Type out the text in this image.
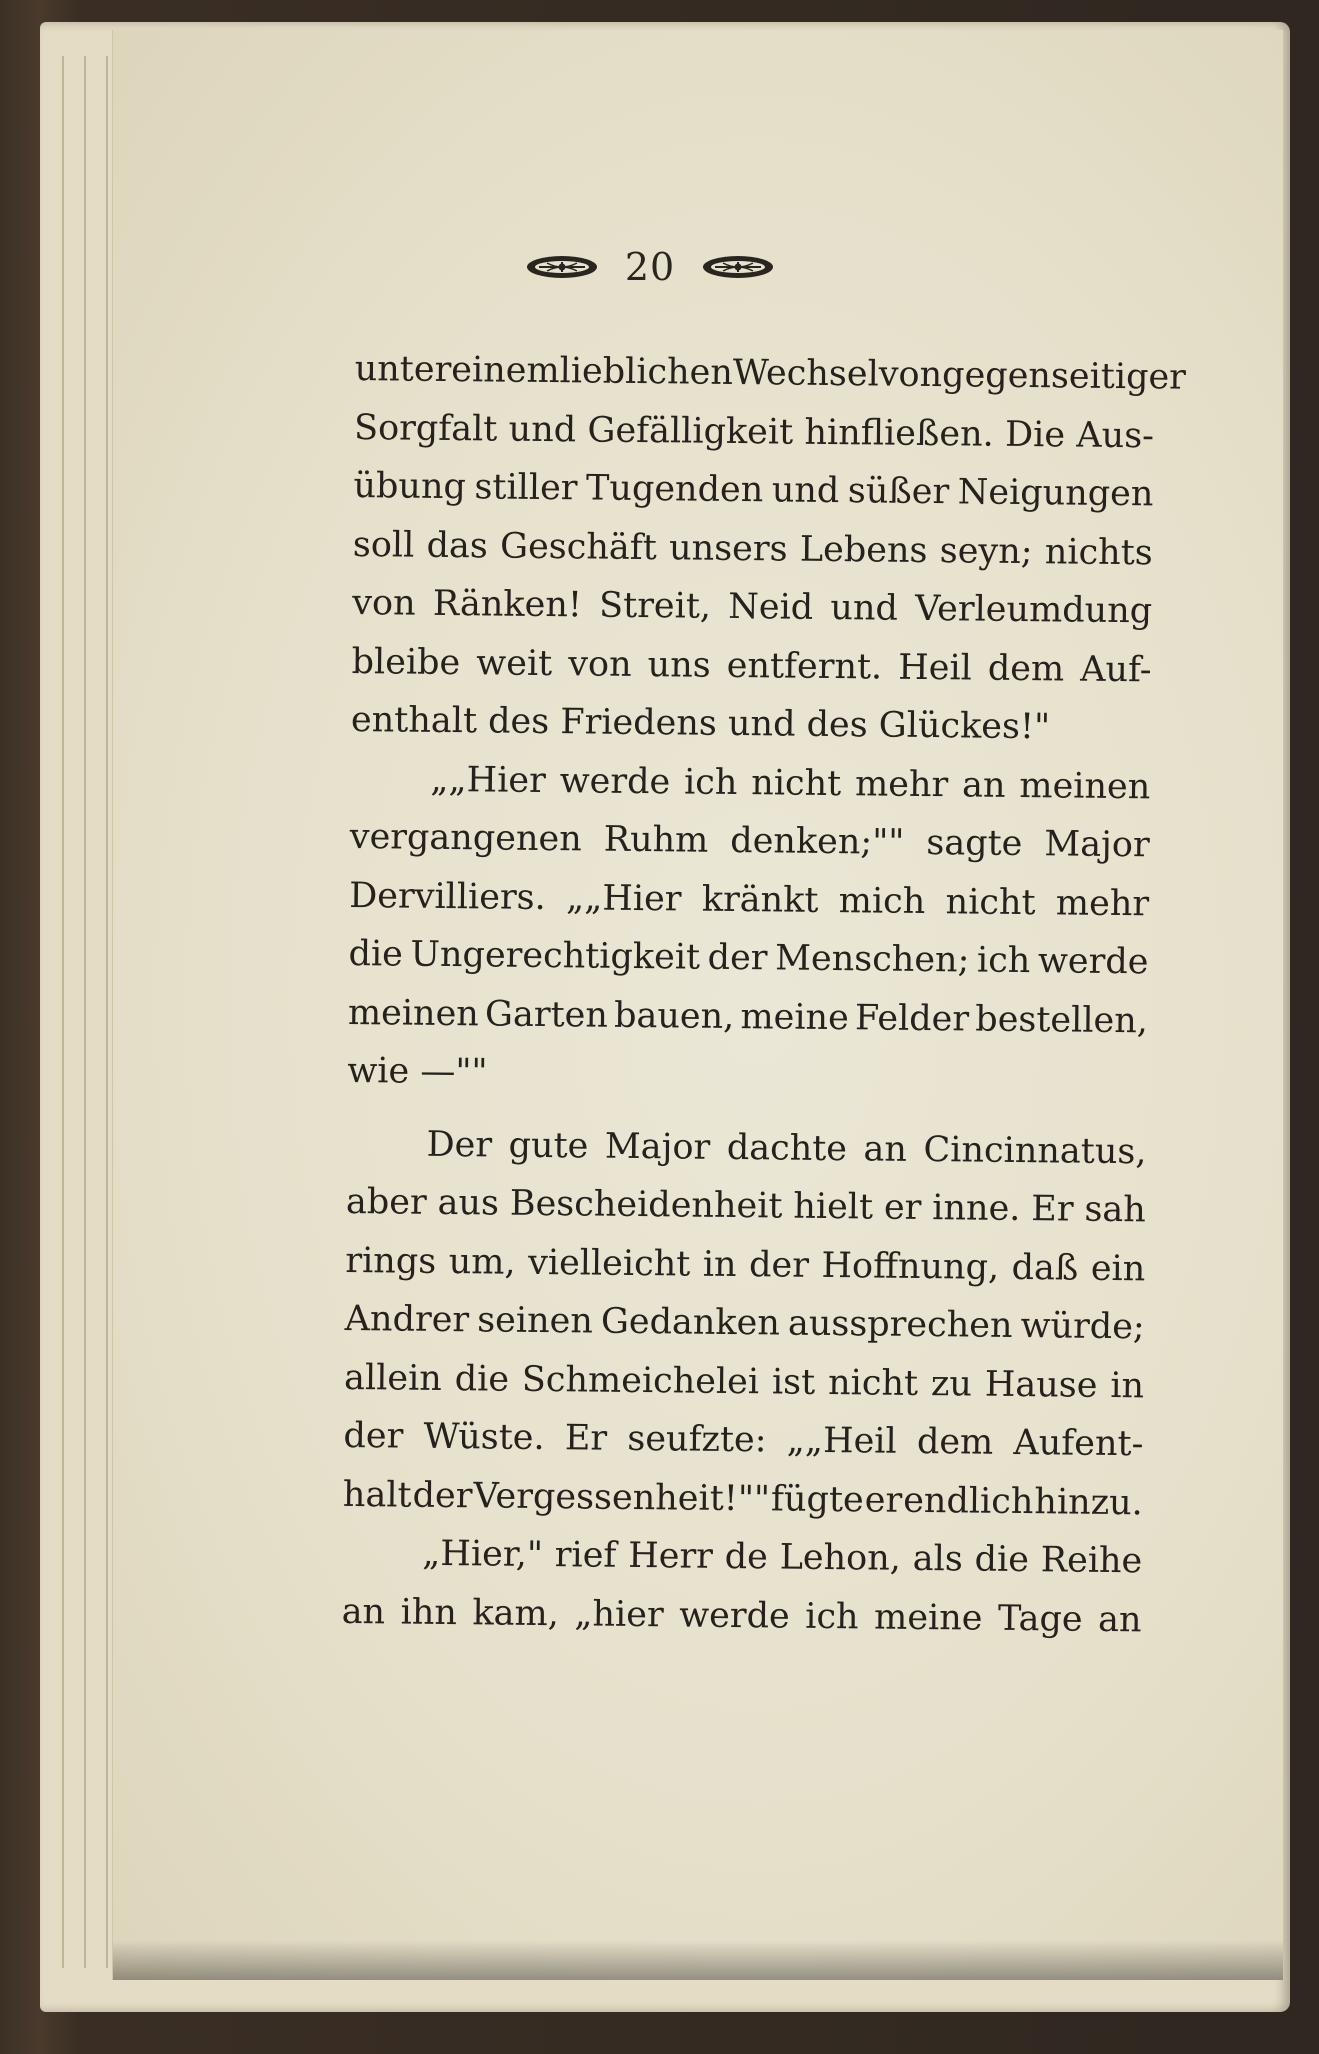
20
unter einem lieblichen Wechsel von gegenseitiger
Sorgfalt und Gefälligkeit hinfließen. Die Aus-
übung stiller Tugenden und süßer Neigungen
soll das Geschäft unsers Lebens seyn; nichts
von Ränken! Streit, Neid und Verleumdung
bleibe weit von uns entfernt. Heil dem Auf-
enthalt des Friedens und des Glückes!"
„„Hier werde ich nicht mehr an meinen
vergangenen Ruhm denken;"" sagte Major
Dervilliers. „„Hier kränkt mich nicht mehr
die Ungerechtigkeit der Menschen; ich werde
meinen Garten bauen, meine Felder bestellen,
wie —""
Der gute Major dachte an Cincinnatus,
aber aus Bescheidenheit hielt er inne. Er sah
rings um, vielleicht in der Hoffnung, daß ein
Andrer seinen Gedanken aussprechen würde;
allein die Schmeichelei ist nicht zu Hause in
der Wüste. Er seufzte: „„Heil dem Aufent-
halt der Vergessenheit!"" fügte er endlich hinzu.
„Hier," rief Herr de Lehon, als die Reihe
an ihn kam, „hier werde ich meine Tage an
